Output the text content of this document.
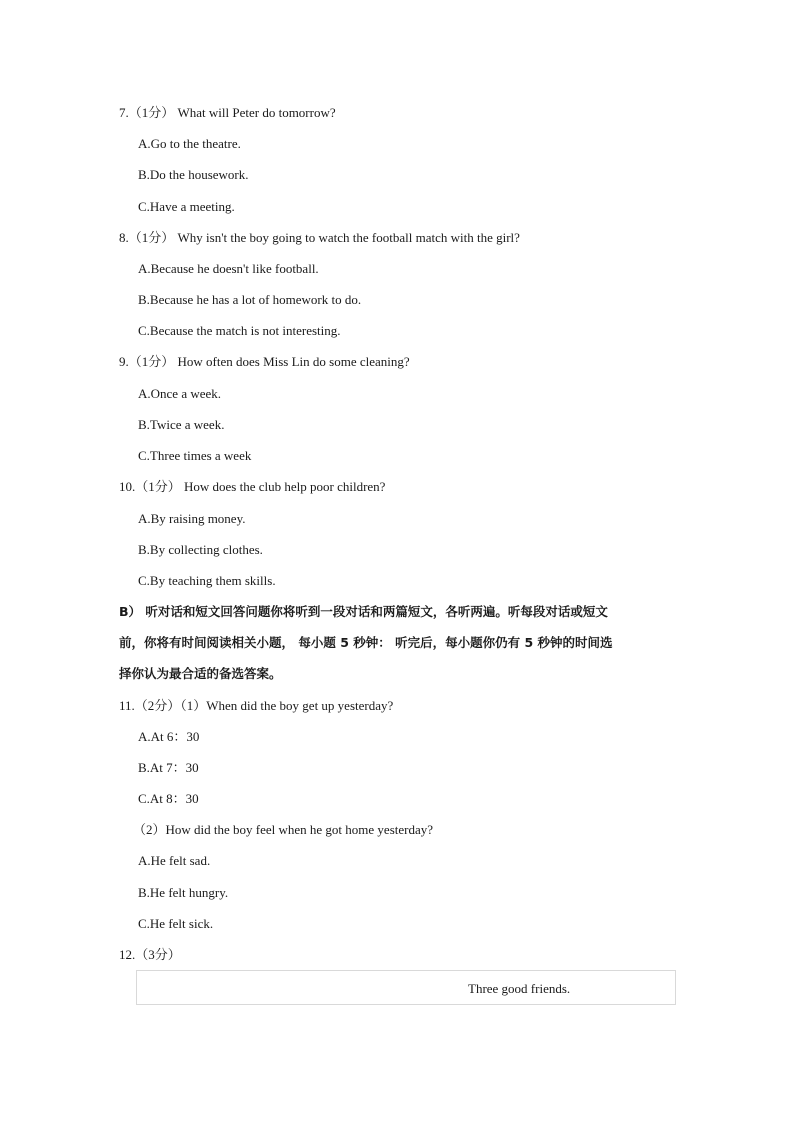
7.（1分） What will Peter do tomorrow?
A.Go to the theatre.
B.Do the housework.
C.Have a meeting.
8.（1分） Why isn't the boy going to watch the football match with the girl?
A.Because he doesn't like football.
B.Because he has a lot of homework to do.
C.Because the match is not interesting.
9.（1分） How often does Miss Lin do some cleaning?
A.Once a week.
B.Twice a week.
C.Three times a week
10.（1分） How does the club help poor children?
A.By raising money.
B.By collecting clothes.
C.By teaching them skills.
B） 听对话和短文回答问题你将听到一段对话和两篇短文，各听两遍。听每段对话或短文
前，你将有时间阅读相关小题， 每小题 5 秒钟： 听完后，每小题你仍有 5 秒钟的时间选
择你认为最合适的备选答案。
11.（2分）（1）When did the boy get up yesterday?
A.At 6：30
B.At 7：30
C.At 8：30
（2）How did the boy feel when he got home yesterday?
A.He felt sad.
B.He felt hungry.
C.He felt sick.
12.（3分）
Three good friends.
